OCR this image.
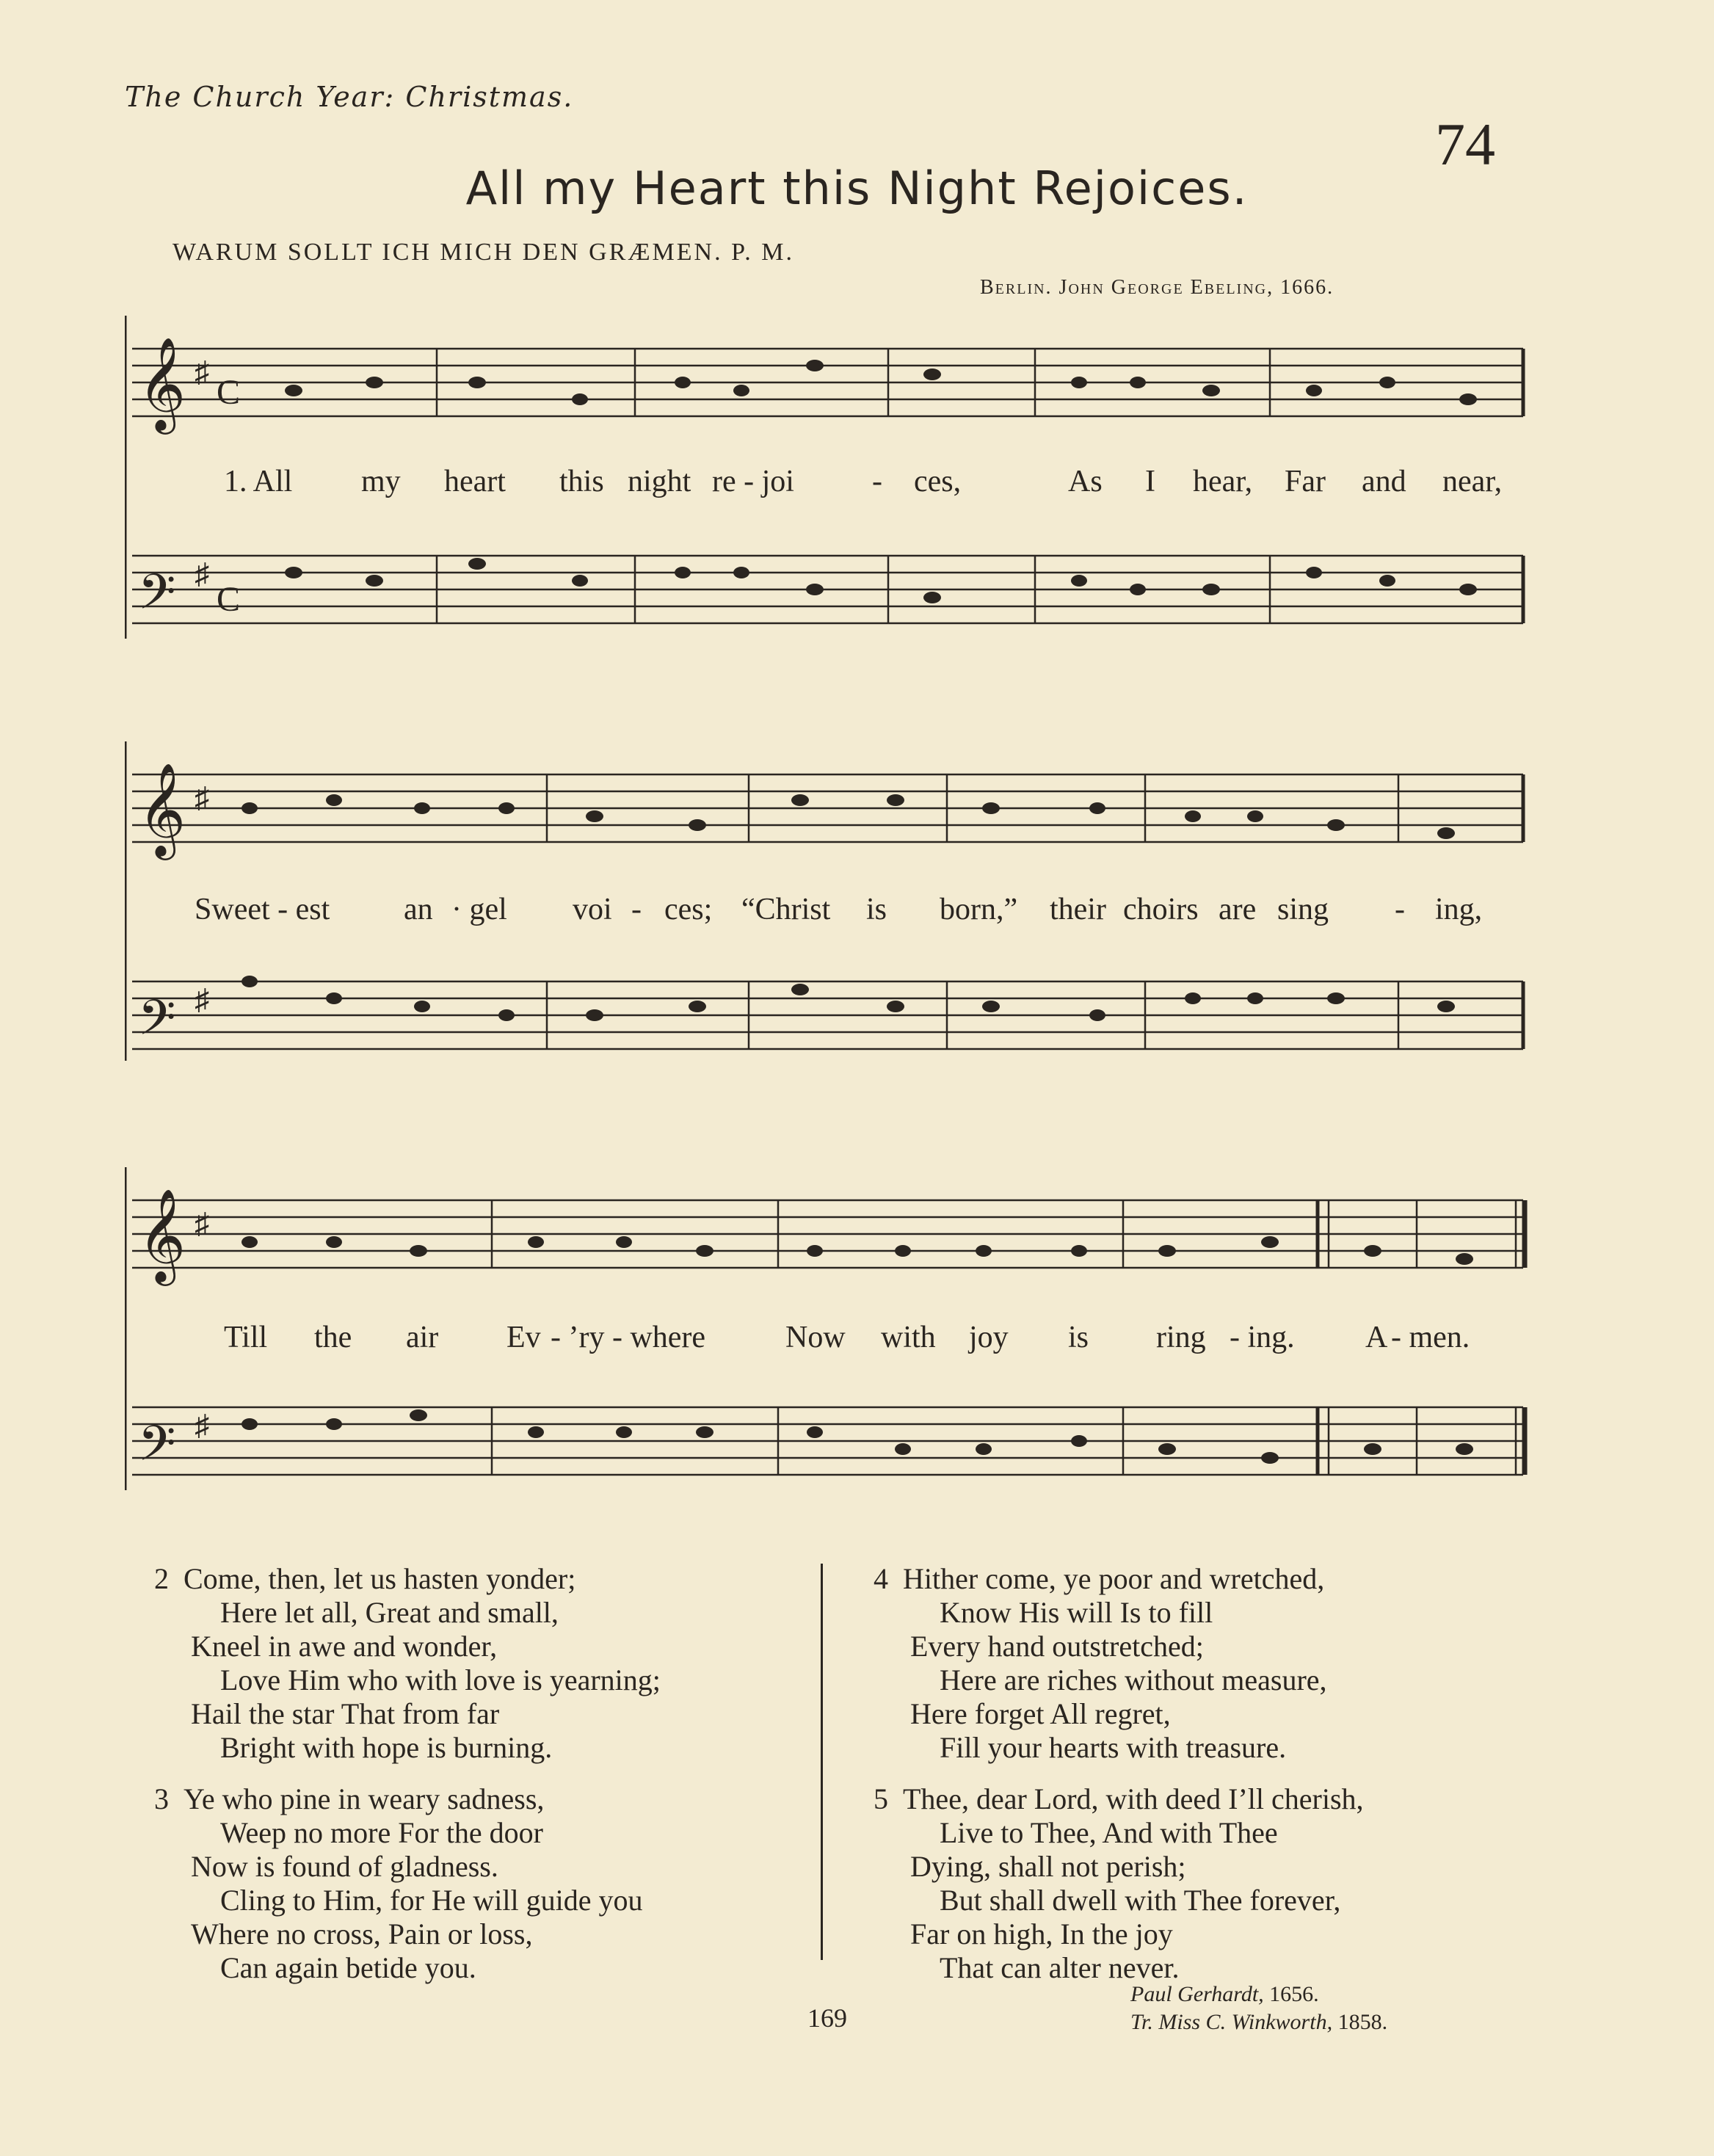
The Church Year: Christmas.
74
All my Heart this Night Rejoices.
WARUM SOLLT ICH MICH DEN GRÆMEN. P. M.
Berlin. John George Ebeling, 1666.
𝄞
𝄢
♯
♯
C
C
1. All my heart this night re - joi	- ces,	As I hear, Far and near,
𝄞
𝄢
♯
♯
Sweet - est an · gel voi - ces; “Christ is born,” their choirs are sing - ing,
𝄞
𝄢
♯
♯
Till the air Ev - ’ry - where	Now with joy is ring - ing. A - men.
2 Come, then, let us hasten yonder;
Here let all, Great and small,
Kneel in awe and wonder,
Love Him who with love is yearning;
Hail the star That from far
Bright with hope is burning.
3 Ye who pine in weary sadness,
Weep no more For the door
Now is found of gladness.
Cling to Him, for He will guide you
Where no cross, Pain or loss,
Can again betide you.
4 Hither come, ye poor and wretched,
Know His will Is to fill
Every hand outstretched;
Here are riches without measure,
Here forget All regret,
Fill your hearts with treasure.
5 Thee, dear Lord, with deed I’ll cherish,
Live to Thee, And with Thee
Dying, shall not perish;
But shall dwell with Thee forever,
Far on high, In the joy
That can alter never.
169
Paul Gerhardt, 1656.
Tr. Miss C. Winkworth, 1858.
